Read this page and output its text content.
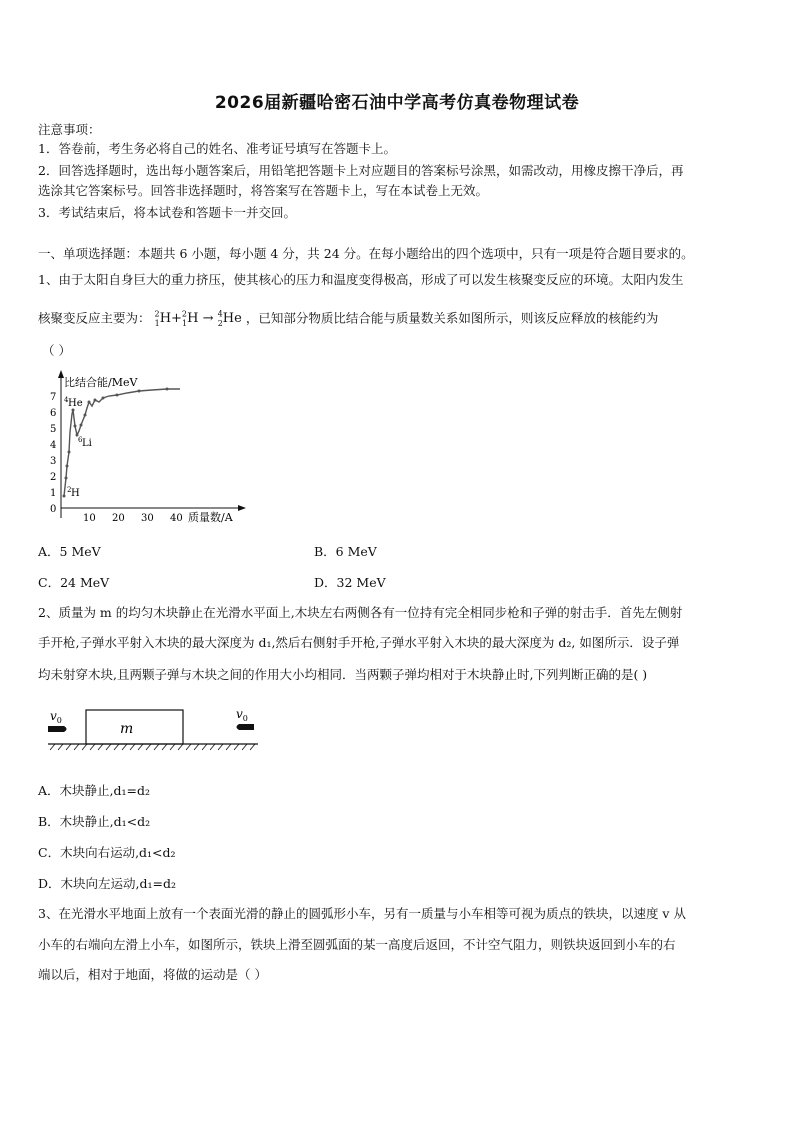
2026届新疆哈密石油中学高考仿真卷物理试卷
注意事项：
1．答卷前，考生务必将自己的姓名、准考证号填写在答题卡上。
2．回答选择题时，选出每小题答案后，用铅笔把答题卡上对应题目的答案标号涂黑，如需改动，用橡皮擦干净后，再
选涂其它答案标号。回答非选择题时，将答案写在答题卡上，写在本试卷上无效。
3．考试结束后，将本试卷和答题卡一并交回。
一、单项选择题：本题共 6 小题，每小题 4 分，共 24 分。在每小题给出的四个选项中，只有一项是符合题目要求的。
1、由于太阳自身巨大的重力挤压，使其核心的压力和温度变得极高，形成了可以发生核聚变反应的环境。太阳内发生
核聚变反应主要为： $^2_1$H+$^2_1$H → $^4_2$He ，已知部分物质比结合能与质量数关系如图所示，则该反应释放的核能约为
（ ）
比结合能/MeV
质量数/A
0
1
2
3
4
5
6
7
10 20 30 40
4 He
6 Li
2 H
A．5 MeV	B．6 MeV
C．24 MeV	D．32 MeV
2、质量为 m 的均匀木块静止在光滑水平面上,木块左右两侧各有一位持有完全相同步枪和子弹的射击手．首先左侧射
手开枪,子弹水平射入木块的最大深度为 d₁,然后右侧射手开枪,子弹水平射入木块的最大深度为 d₂, 如图所示．设子弹
均未射穿木块,且两颗子弹与木块之间的作用大小均相同．当两颗子弹均相对于木块静止时,下列判断正确的是( )
m
$v_0$	$v_0$
A．木块静止,d₁=d₂
B．木块静止,d₁<d₂
C．木块向右运动,d₁<d₂
D．木块向左运动,d₁=d₂
3、在光滑水平地面上放有一个表面光滑的静止的圆弧形小车，另有一质量与小车相等可视为质点的铁块，以速度 v 从
小车的右端向左滑上小车，如图所示，铁块上滑至圆弧面的某一高度后返回，不计空气阻力，则铁块返回到小车的右
端以后，相对于地面，将做的运动是（ ）
